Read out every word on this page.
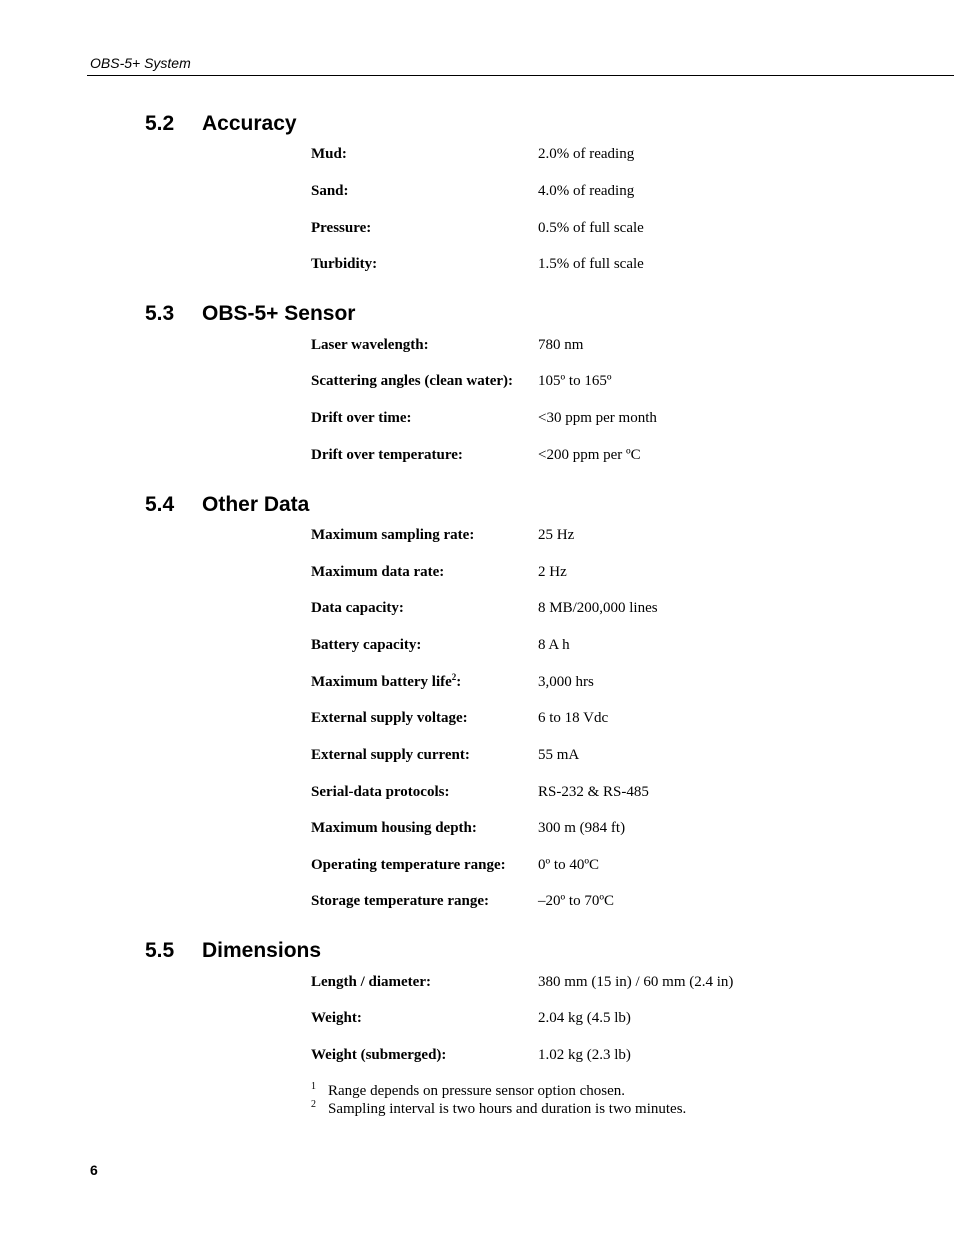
OBS-5+ System
5.2	Accuracy
Mud:	2.0% of reading
Sand:	4.0% of reading
Pressure:	0.5% of full scale
Turbidity:	1.5% of full scale
5.3	OBS-5+ Sensor
Laser wavelength:	780 nm
Scattering angles (clean water): 105º to 165º
Drift over time:	<30 ppm per month
Drift over temperature:	<200 ppm per ºC
5.4	Other Data
Maximum sampling rate:	25 Hz
Maximum data rate:	2 Hz
Data capacity:	8 MB/200,000 lines
Battery capacity:	8 A h
Maximum battery life$^2$:	3,000 hrs
External supply voltage:	6 to 18 Vdc
External supply current:	55 mA
Serial-data protocols:	RS-232 & RS-485
Maximum housing depth:	300 m (984 ft)
Operating temperature range: 0º to 40ºC
Storage temperature range:	–20º to 70ºC
5.5	Dimensions
Length / diameter:	380 mm (15 in) / 60 mm (2.4 in)
Weight:	2.04 kg (4.5 lb)
Weight (submerged):	1.02 kg (2.3 lb)
1 Range depends on pressure sensor option chosen.
2 Sampling interval is two hours and duration is two minutes.
6
